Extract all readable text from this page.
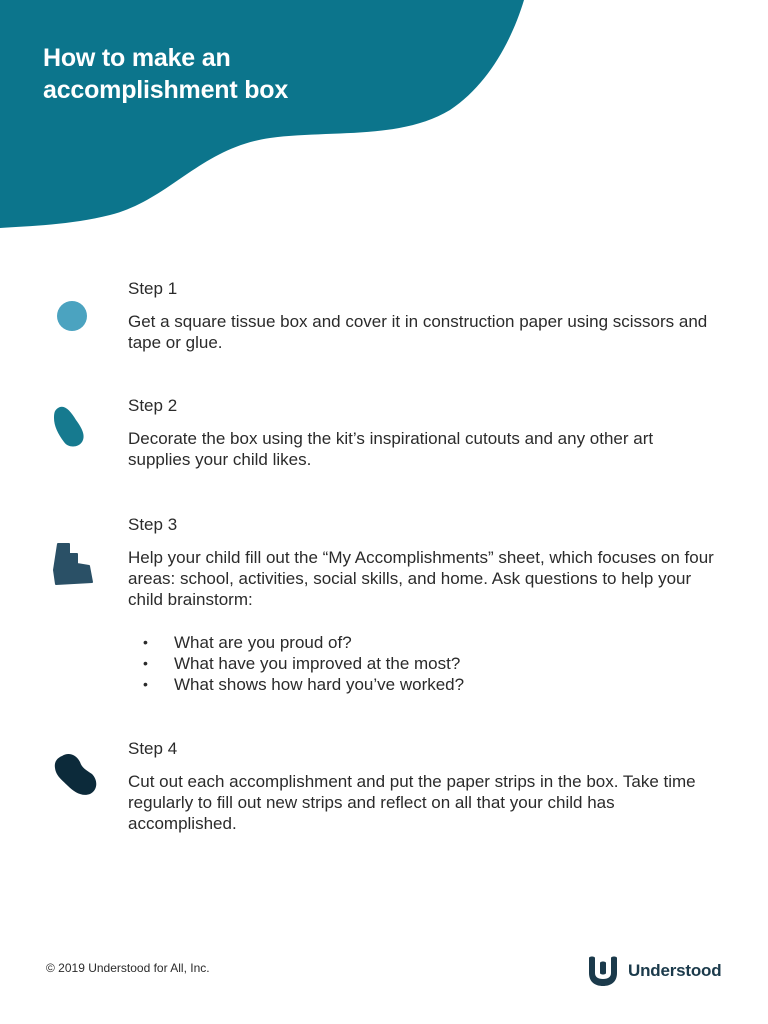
How to make an accomplishment box

Step 1

Get a square tissue box and cover it in construction paper using scissors and tape or glue.

Step 2

Decorate the box using the kit’s inspirational cutouts and any other art supplies your child likes.

Step 3

Help your child fill out the “My Accomplishments” sheet, which focuses on four areas: school, activities, social skills, and home. Ask questions to help your child brainstorm:

• What are you proud of?
• What have you improved at the most?
• What shows how hard you’ve worked?

Step 4

Cut out each accomplishment and put the paper strips in the box. Take time regularly to fill out new strips and reflect on all that your child has accomplished.

© 2019 Understood for All, Inc.	Understood
